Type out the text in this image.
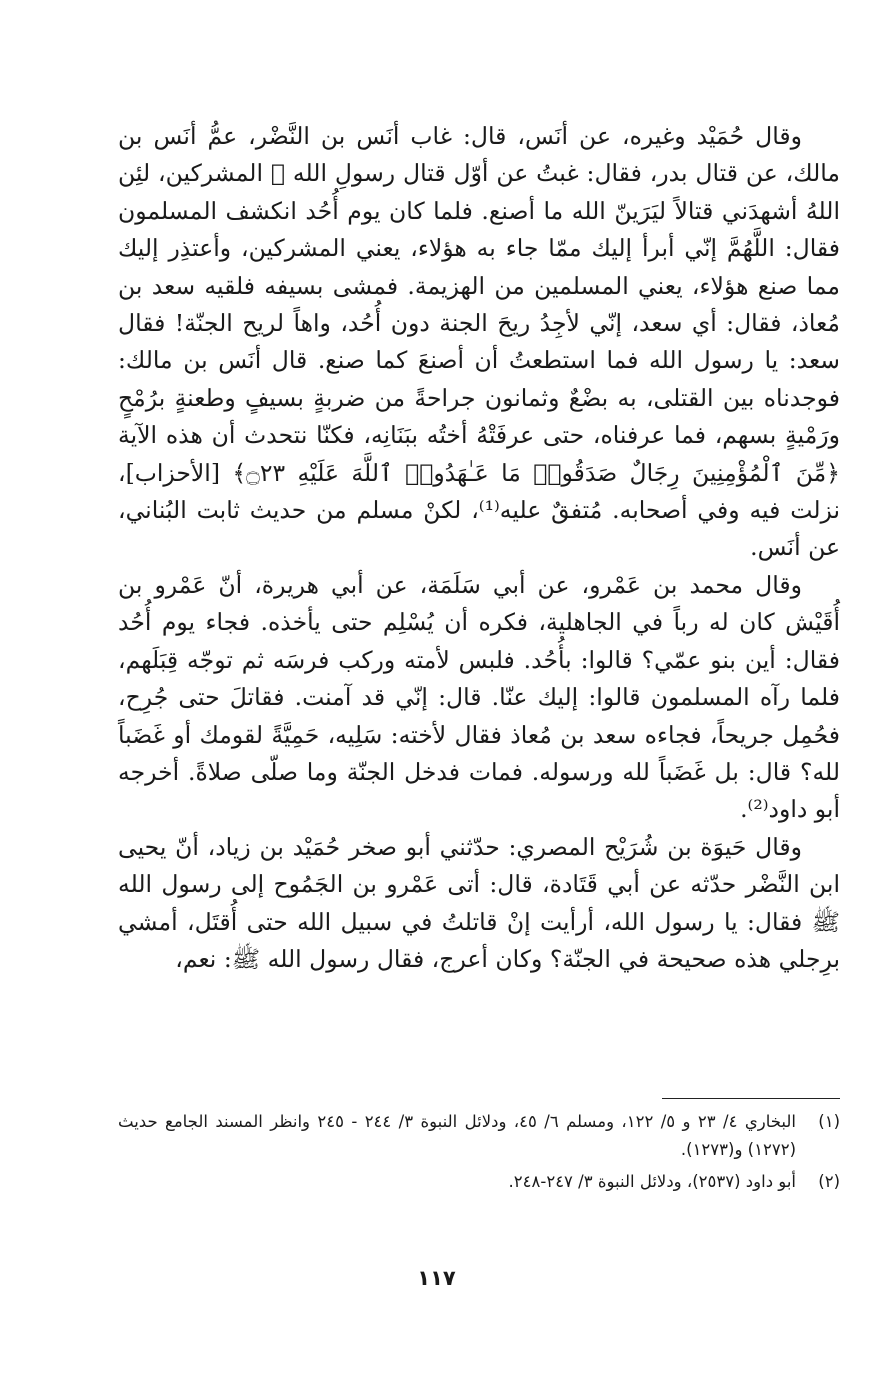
وقال حُمَيْد وغيره، عن أنَس، قال: غاب أنَس بن النَّضْر، عمُّ أنَس بن مالك، عن قتال بدر، فقال: غبتُ عن أوّل قتال رسولِ الله ﷺ المشركين، لئِن اللهُ أشهدَني قتالاً ليَرَينّ الله ما أصنع. فلما كان يوم أُحُد انكشف المسلمون فقال: اللَّهُمَّ إنّي أبرأ إليك ممّا جاء به هؤلاء، يعني المشركين، وأعتذِر إليك مما صنع هؤلاء، يعني المسلمين من الهزيمة. فمشى بسيفه فلقيه سعد بن مُعاذ، فقال: أي سعد، إنّي لأجِدُ ريحَ الجنة دون أُحُد، واهاً لريح الجنّة! فقال سعد: يا رسول الله فما استطعتُ أن أصنعَ كما صنع. قال أنَس بن مالك: فوجدناه بين القتلى، به بضْعٌ وثمانون جراحةً من ضربةٍ بسيفٍ وطعنةٍ برُمْحٍ ورَمْيةٍ بسهم، فما عرفناه، حتى عرفَتْهُ أختُه ببَنَانِه، فكنّا نتحدث أن هذه الآية ﴿مِّنَ ٱلْمُؤْمِنِينَ رِجَالٌ صَدَقُوا۟ مَا عَـٰهَدُوا۟ ٱللَّهَ عَلَيْهِ ۝٢٣﴾ [الأحزاب]، نزلت فيه وفي أصحابه. مُتفقٌ عليه⁽¹⁾، لكنْ مسلم من حديث ثابت البُناني، عن أنَس.

وقال محمد بن عَمْرو، عن أبي سَلَمَة، عن أبي هريرة، أنّ عَمْرو بن أُقَيْش كان له رباً في الجاهلية، فكره أن يُسْلِم حتى يأخذه. فجاء يوم أُحُد فقال: أين بنو عمّي؟ قالوا: بأُحُد. فلبس لأمته وركب فرسَه ثم توجّه قِبَلَهم، فلما رآه المسلمون قالوا: إليك عنّا. قال: إنّي قد آمنت. فقاتلَ حتى جُرِح، فحُمِل جريحاً، فجاءه سعد بن مُعاذ فقال لأخته: سَلِيه، حَمِيَّةً لقومك أو غَضَباً لله؟ قال: بل غَضَباً لله ورسوله. فمات فدخل الجنّة وما صلّى صلاةً. أخرجه أبو داود⁽²⁾.

وقال حَيوَة بن شُرَيْح المصري: حدّثني أبو صخر حُمَيْد بن زياد، أنّ يحيى ابن النَّضْر حدّثه عن أبي قَتَادة، قال: أتى عَمْرو بن الجَمُوح إلى رسول الله ﷺ فقال: يا رسول الله، أرأيت إنْ قاتلتُ في سبيل الله حتى أُقتَل، أمشي برِجلي هذه صحيحة في الجنّة؟ وكان أعرج، فقال رسول الله ﷺ: نعم،

(١)
البخاري ٤/ ٢٣ و ٥/ ١٢٢، ومسلم ٦/ ٤٥، ودلائل النبوة ٣/ ٢٤٤ - ٢٤٥ وانظر المسند الجامع حديث (١٢٧٢) و(١٢٧٣).
(٢)
أبو داود (٢٥٣٧)، ودلائل النبوة ٣/ ٢٤٧-٢٤٨.
١١٧
